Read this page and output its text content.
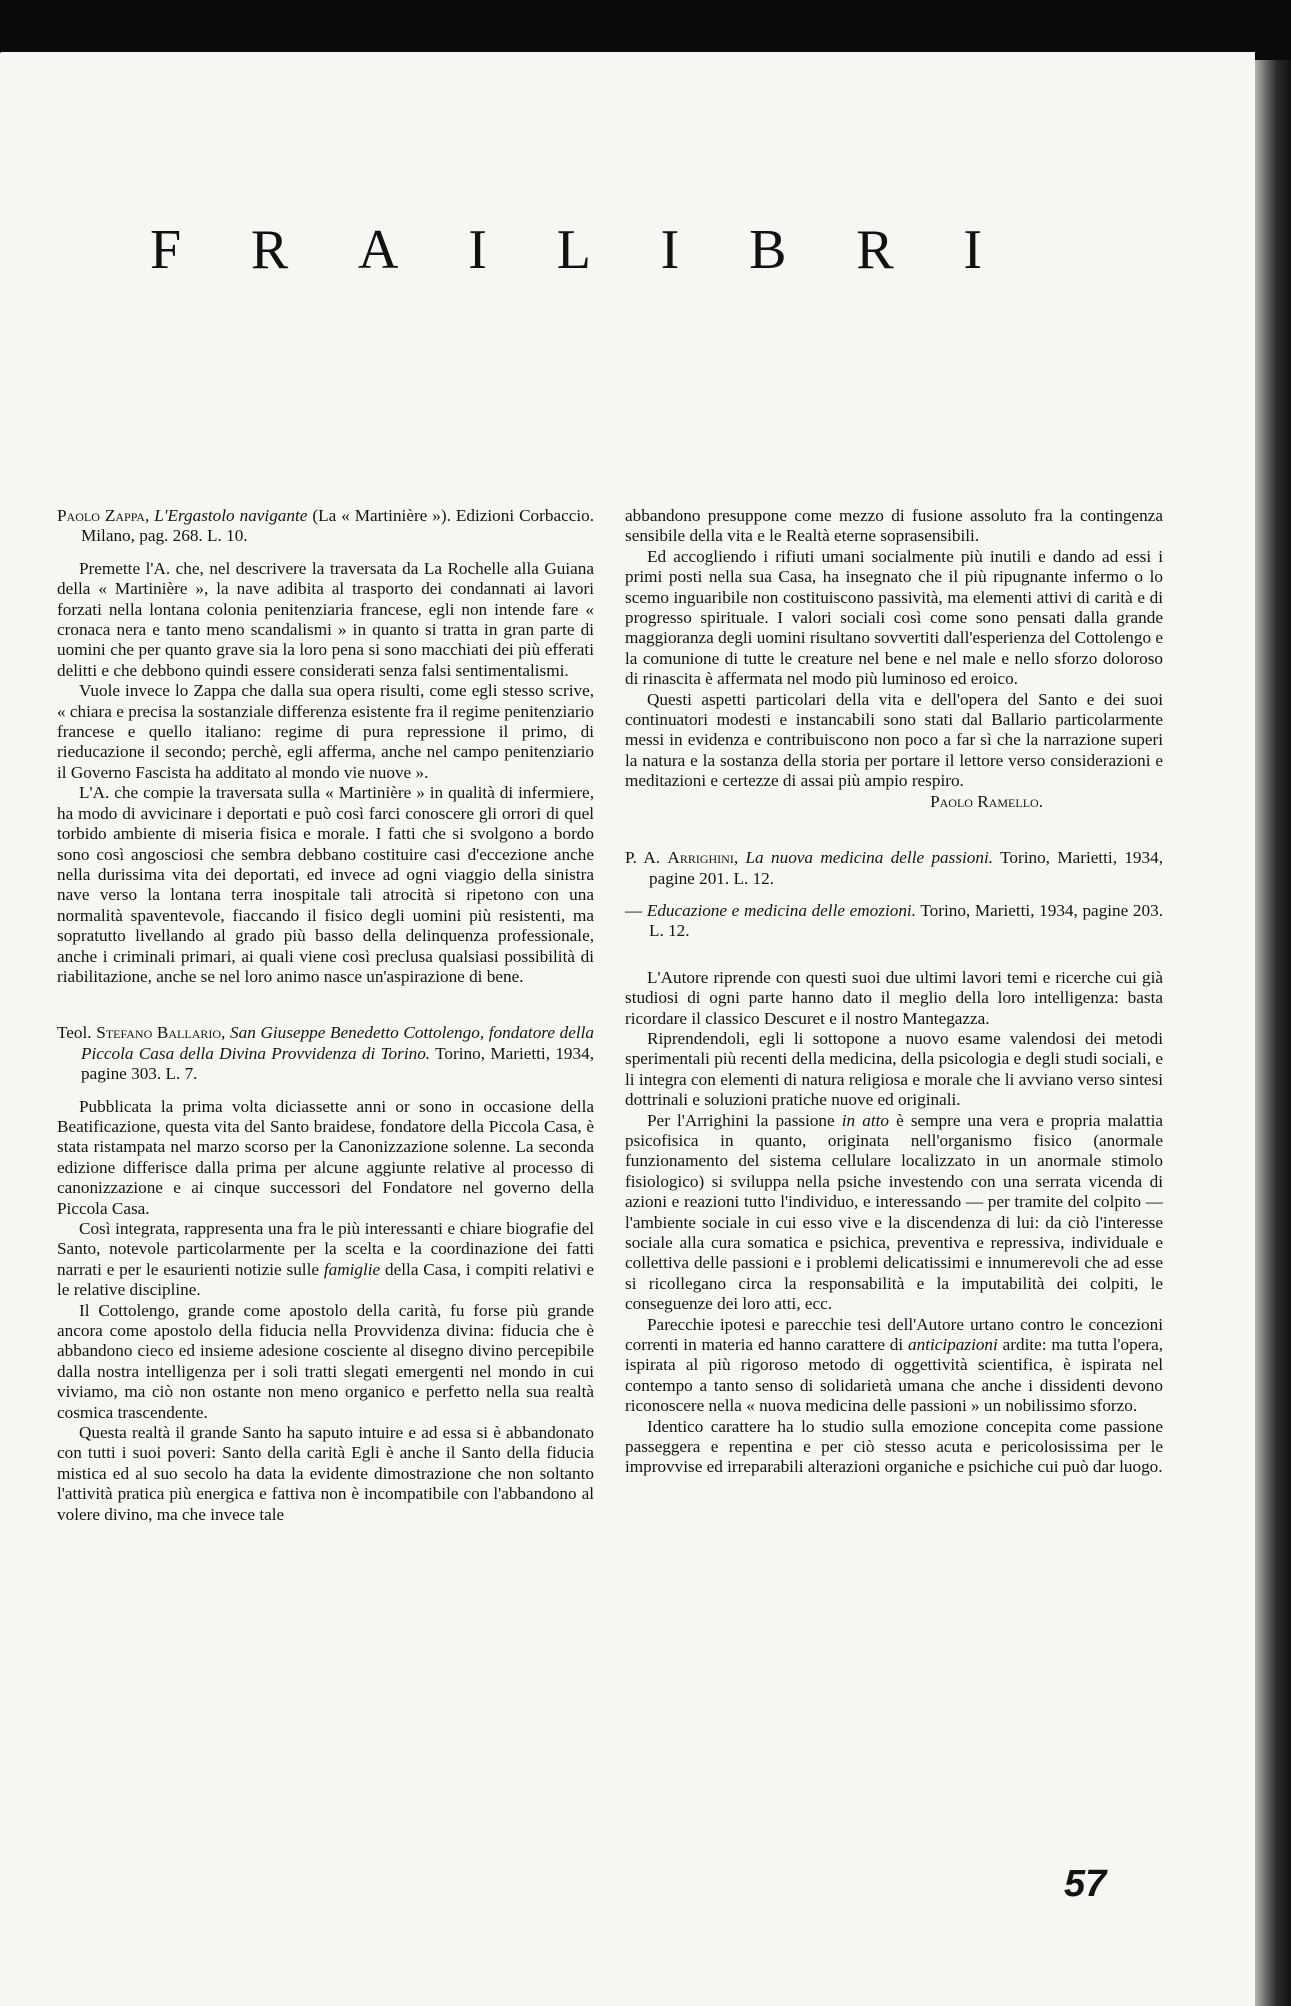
F R A I L I B R I

Paolo Zappa, L'Ergastolo navigante (La « Martinière »). Edizioni Corbaccio. Milano, pag. 268. L. 10.

Premette l'A. che, nel descrivere la traversata da La Rochelle alla Guiana della « Martinière », la nave adibita al trasporto dei condannati ai lavori forzati nella lontana colonia penitenziaria francese, egli non intende fare « cronaca nera e tanto meno scandalismi » in quanto si tratta in gran parte di uomini che per quanto grave sia la loro pena si sono macchiati dei più efferati delitti e che debbono quindi essere considerati senza falsi sentimentalismi.

Vuole invece lo Zappa che dalla sua opera risulti, come egli stesso scrive, « chiara e precisa la sostanziale differenza esistente fra il regime penitenziario francese e quello italiano: regime di pura repressione il primo, di rieducazione il secondo; perchè, egli afferma, anche nel campo penitenziario il Governo Fascista ha additato al mondo vie nuove ».

L'A. che compie la traversata sulla « Martinière » in qualità di infermiere, ha modo di avvicinare i deportati e può così farci conoscere gli orrori di quel torbido ambiente di miseria fisica e morale. I fatti che si svolgono a bordo sono così angosciosi che sembra debbano costituire casi d'eccezione anche nella durissima vita dei deportati, ed invece ad ogni viaggio della sinistra nave verso la lontana terra inospitale tali atrocità si ripetono con una normalità spaventevole, fiaccando il fisico degli uomini più resistenti, ma sopratutto livellando al grado più basso della delinquenza professionale, anche i criminali primari, ai quali viene così preclusa qualsiasi possibilità di riabilitazione, anche se nel loro animo nasce un'aspirazione di bene.

Teol. Stefano Ballario, San Giuseppe Benedetto Cottolengo, fondatore della Piccola Casa della Divina Provvidenza di Torino. Torino, Marietti, 1934, pagine 303. L. 7.

Pubblicata la prima volta diciassette anni or sono in occasione della Beatificazione, questa vita del Santo braidese, fondatore della Piccola Casa, è stata ristampata nel marzo scorso per la Canonizzazione solenne. La seconda edizione differisce dalla prima per alcune aggiunte relative al processo di canonizzazione e ai cinque successori del Fondatore nel governo della Piccola Casa.

Così integrata, rappresenta una fra le più interessanti e chiare biografie del Santo, notevole particolarmente per la scelta e la coordinazione dei fatti narrati e per le esaurienti notizie sulle famiglie della Casa, i compiti relativi e le relative discipline.

Il Cottolengo, grande come apostolo della carità, fu forse più grande ancora come apostolo della fiducia nella Provvidenza divina: fiducia che è abbandono cieco ed insieme adesione cosciente al disegno divino percepibile dalla nostra intelligenza per i soli tratti slegati emergenti nel mondo in cui viviamo, ma ciò non ostante non meno organico e perfetto nella sua realtà cosmica trascendente.

Questa realtà il grande Santo ha saputo intuire e ad essa si è abbandonato con tutti i suoi poveri: Santo della carità Egli è anche il Santo della fiducia mistica ed al suo secolo ha data la evidente dimostrazione che non soltanto l'attività pratica più energica e fattiva non è incompatibile con l'abbandono al volere divino, ma che invece tale

abbandono presuppone come mezzo di fusione assoluto fra la contingenza sensibile della vita e le Realtà eterne soprasensibili.

Ed accogliendo i rifiuti umani socialmente più inutili e dando ad essi i primi posti nella sua Casa, ha insegnato che il più ripugnante infermo o lo scemo inguaribile non costituiscono passività, ma elementi attivi di carità e di progresso spirituale. I valori sociali così come sono pensati dalla grande maggioranza degli uomini risultano sovvertiti dall'esperienza del Cottolengo e la comunione di tutte le creature nel bene e nel male e nello sforzo doloroso di rinascita è affermata nel modo più luminoso ed eroico.

Questi aspetti particolari della vita e dell'opera del Santo e dei suoi continuatori modesti e instancabili sono stati dal Ballario particolarmente messi in evidenza e contribuiscono non poco a far sì che la narrazione superi la natura e la sostanza della storia per portare il lettore verso considerazioni e meditazioni e certezze di assai più ampio respiro.

Paolo Ramello.

P. A. Arrighini, La nuova medicina delle passioni. Torino, Marietti, 1934, pagine 201. L. 12.

— Educazione e medicina delle emozioni. Torino, Marietti, 1934, pagine 203. L. 12.

L'Autore riprende con questi suoi due ultimi lavori temi e ricerche cui già studiosi di ogni parte hanno dato il meglio della loro intelligenza: basta ricordare il classico Descuret e il nostro Mantegazza.

Riprendendoli, egli li sottopone a nuovo esame valendosi dei metodi sperimentali più recenti della medicina, della psicologia e degli studi sociali, e li integra con elementi di natura religiosa e morale che li avviano verso sintesi dottrinali e soluzioni pratiche nuove ed originali.

Per l'Arrighini la passione in atto è sempre una vera e propria malattia psicofisica in quanto, originata nell'organismo fisico (anormale funzionamento del sistema cellulare localizzato in un anormale stimolo fisiologico) si sviluppa nella psiche investendo con una serrata vicenda di azioni e reazioni tutto l'individuo, e interessando — per tramite del colpito — l'ambiente sociale in cui esso vive e la discendenza di lui: da ciò l'interesse sociale alla cura somatica e psichica, preventiva e repressiva, individuale e collettiva delle passioni e i problemi delicatissimi e innumerevoli che ad esse si ricollegano circa la responsabilità e la imputabilità dei colpiti, le conseguenze dei loro atti, ecc.

Parecchie ipotesi e parecchie tesi dell'Autore urtano contro le concezioni correnti in materia ed hanno carattere di anticipazioni ardite: ma tutta l'opera, ispirata al più rigoroso metodo di oggettività scientifica, è ispirata nel contempo a tanto senso di solidarietà umana che anche i dissidenti devono riconoscere nella « nuova medicina delle passioni » un nobilissimo sforzo.

Identico carattere ha lo studio sulla emozione concepita come passione passeggera e repentina e per ciò stesso acuta e pericolosissima per le improvvise ed irreparabili alterazioni organiche e psichiche cui può dar luogo.

57
